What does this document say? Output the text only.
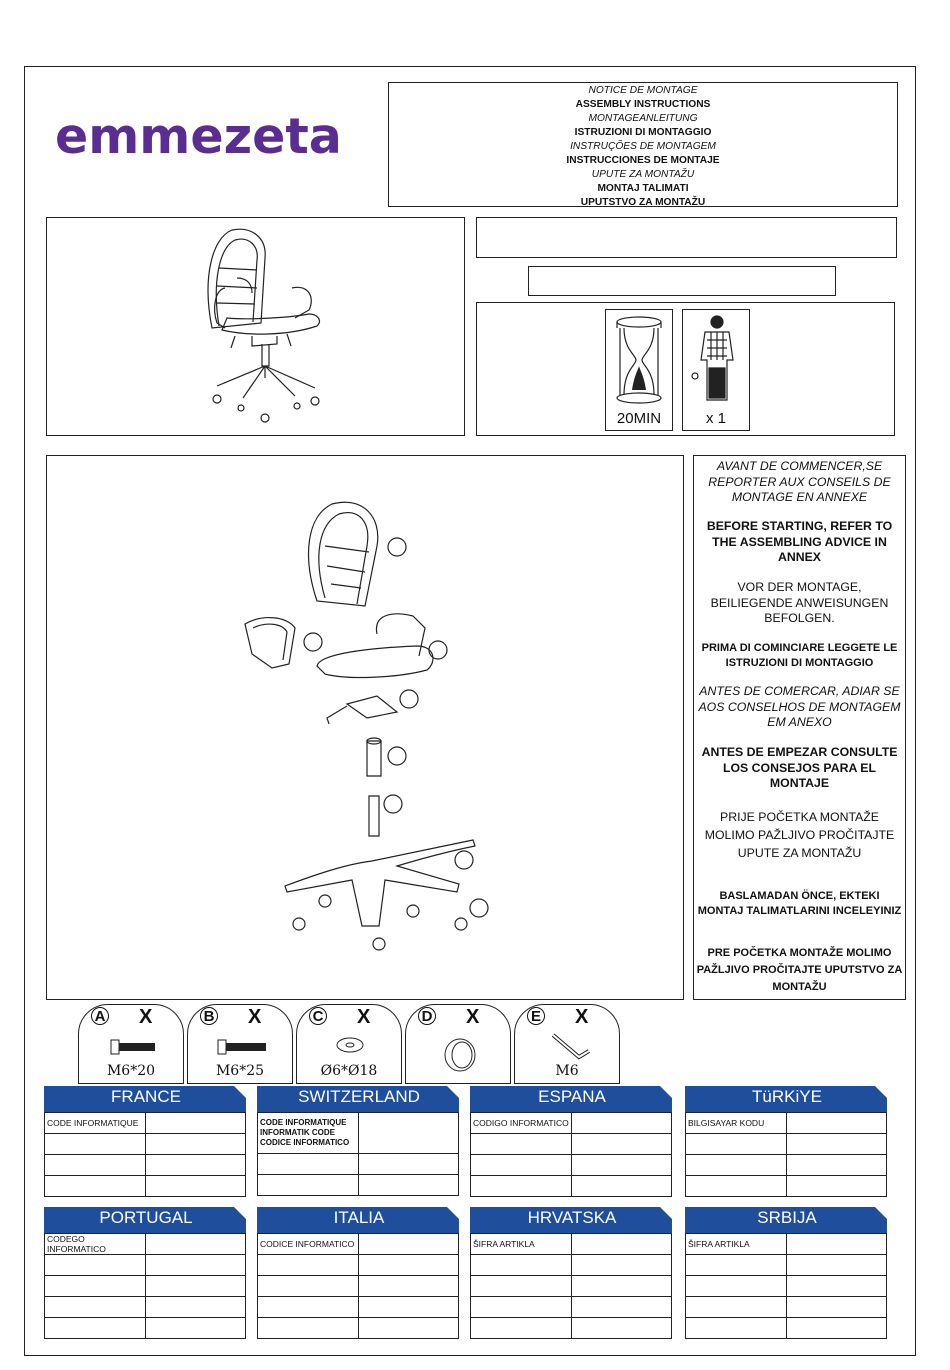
emmezeta
NOTICE DE MONTAGE
ASSEMBLY INSTRUCTIONS
MONTAGEANLEITUNG
ISTRUZIONI DI MONTAGGIO
INSTRUÇÕES DE MONTAGEM
INSTRUCCIONES DE MONTAJE
UPUTE ZA MONTAŽU
MONTAJ TALIMATI
UPUTSTVO ZA MONTAŽU
20MIN	x 1

AVANT DE COMMENCER,SE REPORTER AUX CONSEILS DE MONTAGE EN ANNEXE

BEFORE STARTING, REFER TO THE ASSEMBLING ADVICE IN ANNEX

VOR DER MONTAGE, BEILIEGENDE ANWEISUNGEN BEFOLGEN.

PRIMA DI COMINCIARE LEGGETE LE ISTRUZIONI DI MONTAGGIO

ANTES DE COMERCAR, ADIAR SE AOS CONSELHOS DE MONTAGEM EM ANEXO

ANTES DE EMPEZAR CONSULTE LOS CONSEJOS PARA EL MONTAJE

PRIJE POČETKA MONTAŽE MOLIMO PAŽLJIVO PROČITAJTE UPUTE ZA MONTAŽU

BASLAMADAN ÖNCE, EKTEKI MONTAJ TALIMATLARINI INCELEYINIZ

PRE POČETKA MONTAŽE MOLIMO PAŽLJIVO PROČITAJTE UPUTSTVO ZA MONTAŽU

A X
M6*20
B X
M6*25
C X
Ø6*Ø18
D X	E X
M6
FRANCE
CODE INFORMATIQUE	

SWITZERLAND
CODE INFORMATIQUE INFORMATIK CODE CODICE INFORMATICO	

ESPANA
CODIGO INFORMATICO	

TüRKiYE
BILGISAYAR KODU	

PORTUGAL
CODEGO INFORMATICO	

ITALIA
CODICE INFORMATICO	

HRVATSKA
ŠIFRA ARTIKLA	

SRBIJA
ŠIFRA ARTIKLA	
